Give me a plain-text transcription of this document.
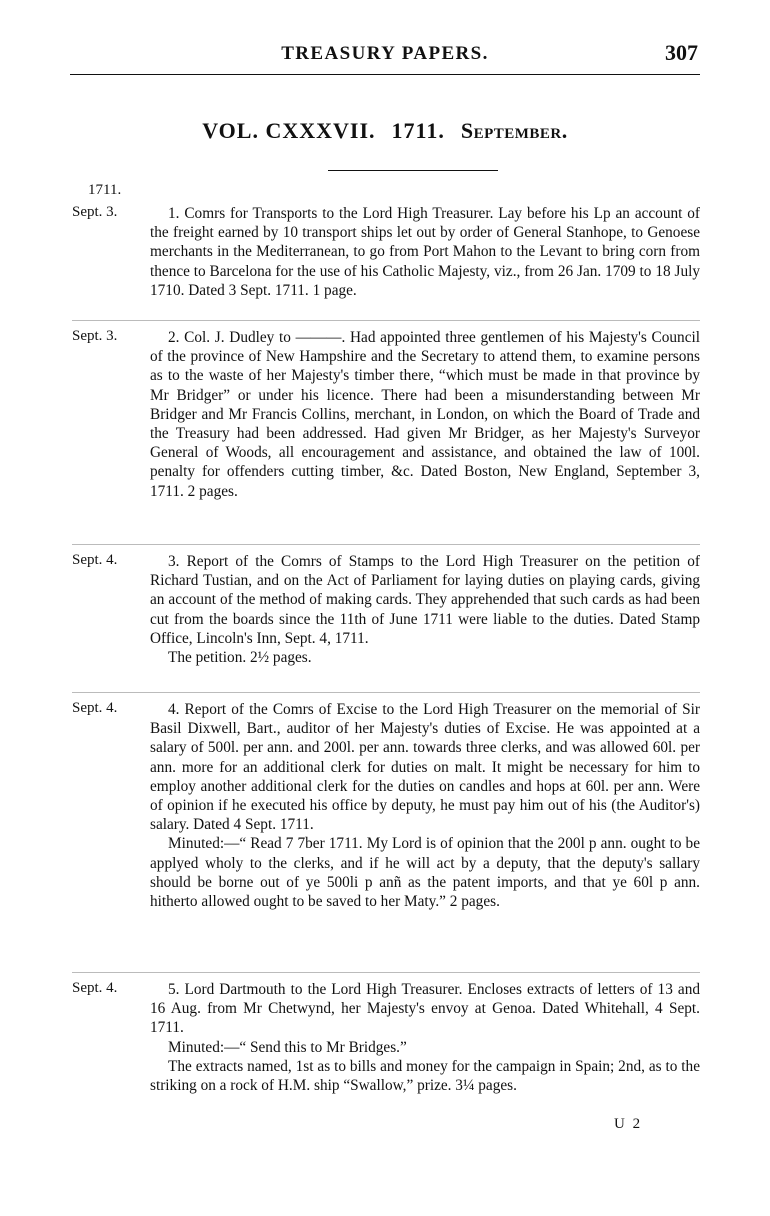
TREASURY PAPERS.	307
VOL. CXXXVII. 1711. September.
1711.
Sept. 3.	1. Comrs for Transports to the Lord High Treasurer. Lay before his Lp an account of the freight earned by 10 transport ships let out by order of General Stanhope, to Genoese merchants in the Mediterranean, to go from Port Mahon to the Levant to bring corn from thence to Barcelona for the use of his Catholic Majesty, viz., from 26 Jan. 1709 to 18 July 1710. Dated 3 Sept. 1711. 1 page.

Sept. 3.	2. Col. J. Dudley to ———. Had appointed three gentlemen of his Majesty's Council of the province of New Hampshire and the Secretary to attend them, to examine persons as to the waste of her Majesty's timber there, “which must be made in that province by Mr Bridger” or under his licence. There had been a misunderstanding between Mr Bridger and Mr Francis Collins, merchant, in London, on which the Board of Trade and the Treasury had been addressed. Had given Mr Bridger, as her Majesty's Surveyor General of Woods, all encouragement and assistance, and obtained the law of 100l. penalty for offenders cutting timber, &c. Dated Boston, New England, September 3, 1711. 2 pages.

Sept. 4.	3. Report of the Comrs of Stamps to the Lord High Treasurer on the petition of Richard Tustian, and on the Act of Parliament for laying duties on playing cards, giving an account of the method of making cards. They apprehended that such cards as had been cut from the boards since the 11th of June 1711 were liable to the duties. Dated Stamp Office, Lincoln's Inn, Sept. 4, 1711.

The petition. 2½ pages.

Sept. 4.	4. Report of the Comrs of Excise to the Lord High Treasurer on the memorial of Sir Basil Dixwell, Bart., auditor of her Majesty's duties of Excise. He was appointed at a salary of 500l. per ann. and 200l. per ann. towards three clerks, and was allowed 60l. per ann. more for an additional clerk for duties on malt. It might be necessary for him to employ another additional clerk for the duties on candles and hops at 60l. per ann. Were of opinion if he executed his office by deputy, he must pay him out of his (the Auditor's) salary. Dated 4 Sept. 1711.

Minuted:—“ Read 7 7ber 1711. My Lord is of opinion that the 200l p ann. ought to be applyed wholy to the clerks, and if he will act by a deputy, that the deputy's sallary should be borne out of ye 500li p anñ as the patent imports, and that ye 60l p ann. hitherto allowed ought to be saved to her Maty.” 2 pages.

Sept. 4.	5. Lord Dartmouth to the Lord High Treasurer. Encloses extracts of letters of 13 and 16 Aug. from Mr Chetwynd, her Majesty's envoy at Genoa. Dated Whitehall, 4 Sept. 1711.

Minuted:—“ Send this to Mr Bridges.”

The extracts named, 1st as to bills and money for the campaign in Spain; 2nd, as to the striking on a rock of H.M. ship “Swallow,” prize. 3¼ pages.

U 2
